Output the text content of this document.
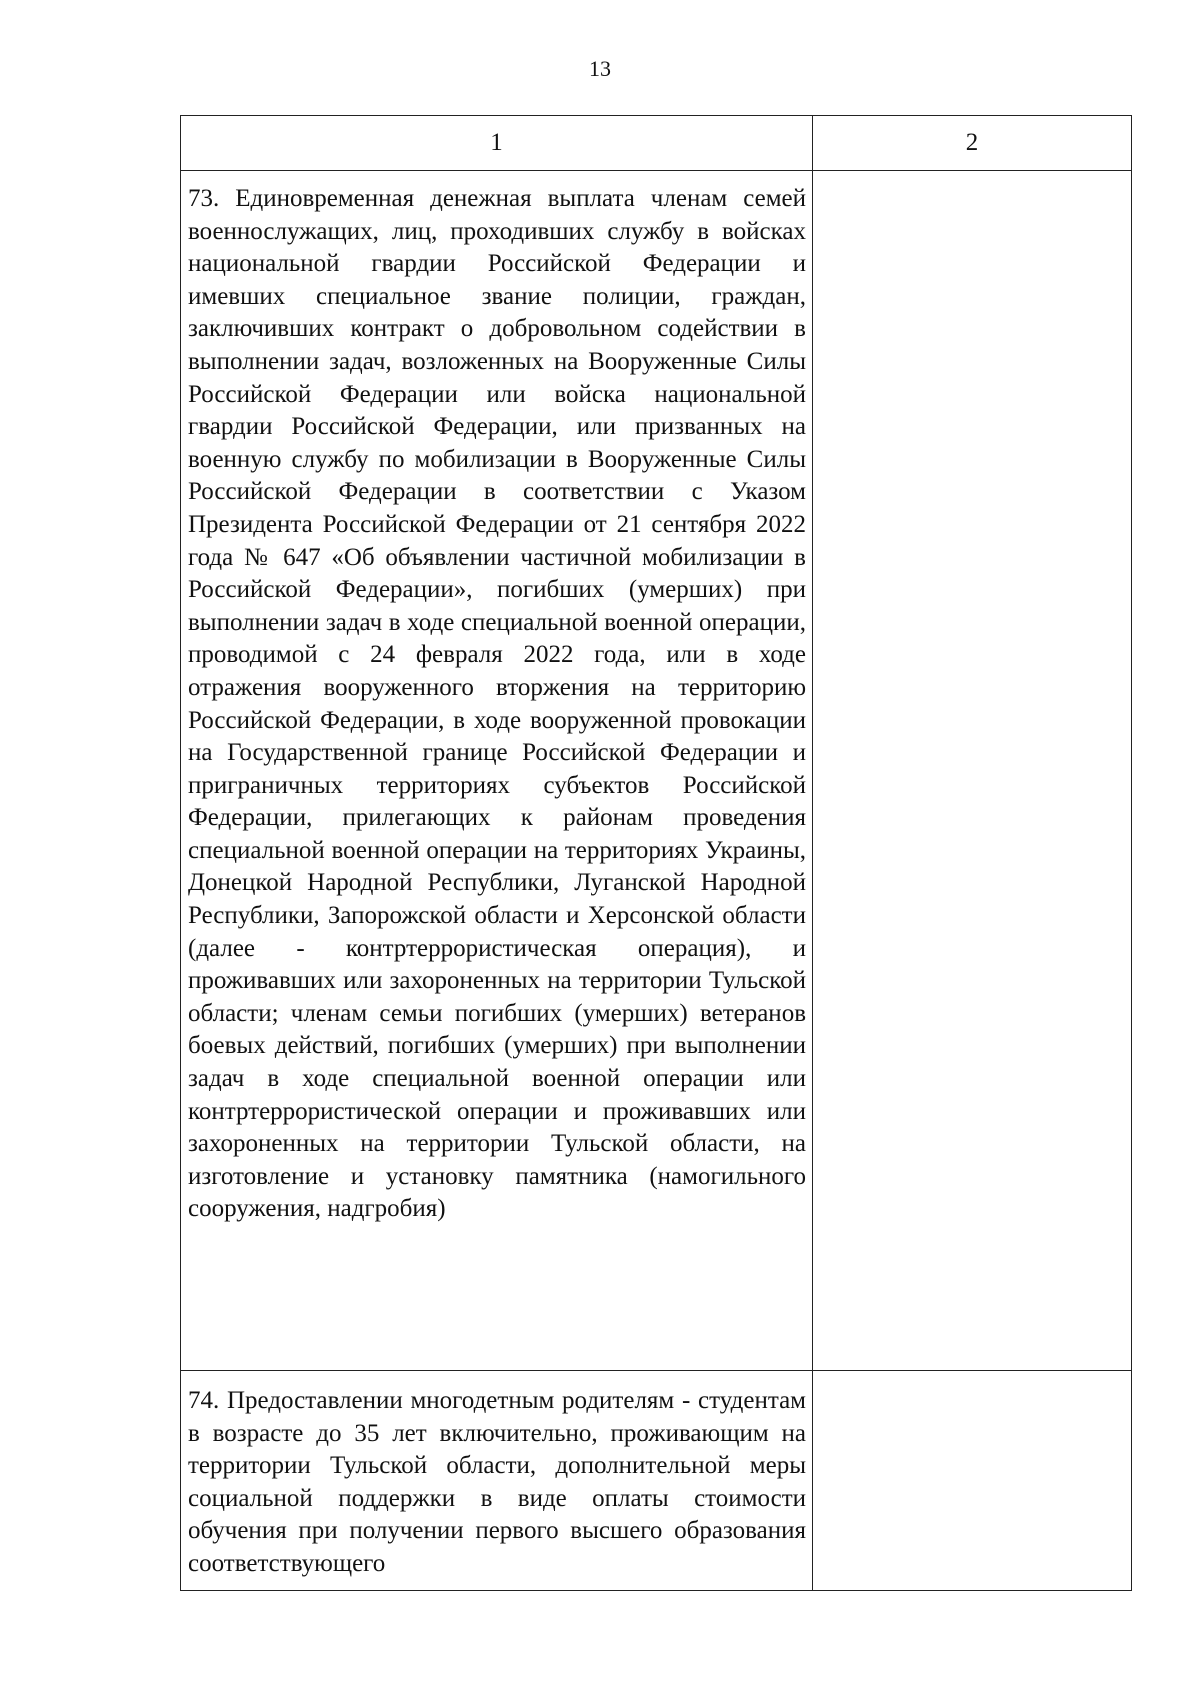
13
1	2

73. Единовременная денежная выплата членам семей военнослужащих, лиц, проходивших службу в войсках национальной гвардии Российской Федерации и имевших специальное звание полиции, граждан, заключивших контракт о добровольном содействии в выполнении задач, возложенных на Вооруженные Силы Российской Федерации или войска национальной гвардии Российской Федерации, или призванных на военную службу по мобилизации в Вооруженные Силы Российской Федерации в соответствии с Указом Президента Российской Федерации от 21 сентября 2022 года № 647 «Об объявлении частичной мобилизации в Российской Федерации», погибших (умерших) при выполнении задач в ходе специальной военной операции, проводимой с 24 февраля 2022 года, или в ходе отражения вооруженного вторжения на территорию Российской Федерации, в ходе вооруженной провокации на Государственной границе Российской Федерации и приграничных территориях субъектов Российской Федерации, прилегающих к районам проведения специальной военной операции на территориях Украины, Донецкой Народной Республики, Луганской Народной Республики, Запорожской области и Херсонской области (далее - контртеррористическая операция), и проживавших или захороненных на территории Тульской области; членам семьи погибших (умерших) ветеранов боевых действий, погибших (умерших) при выполнении задач в ходе специальной военной операции или контртеррористической операции и проживавших или захороненных на территории Тульской области, на изготовление и установку памятника (намогильного сооружения, надгробия)	

74. Предоставлении многодетным родителям - студентам в возрасте до 35 лет включительно, проживающим на территории Тульской области, дополнительной меры социальной поддержки в виде оплаты стоимости обучения при получении первого высшего образования соответствующего	
